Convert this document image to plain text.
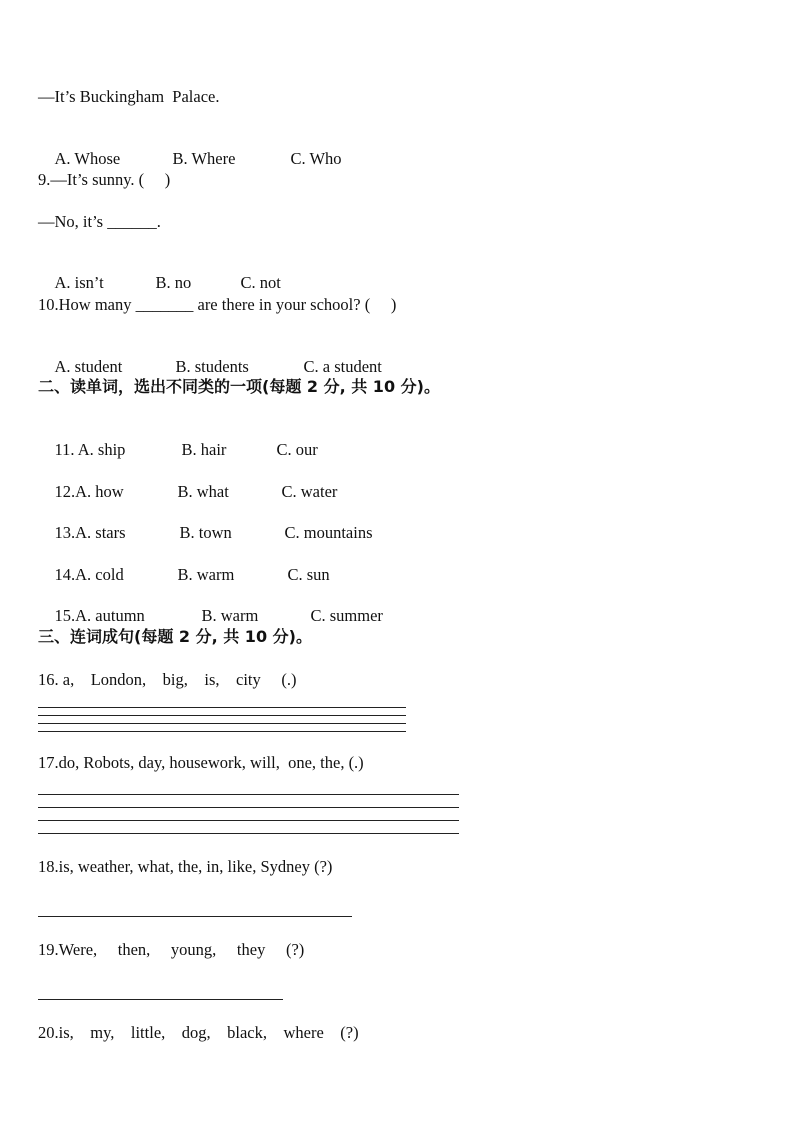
—It’s Buckingham  Palace.

A. Whose	B. Where	C. Who

9.—It’s sunny. (     )
—No, it’s ______.

A. isn’t	B. no	C. not

10.How many _______ are there in your school? (     )

A. student	B. students	C. a student

二、读单词，选出不同类的一项(每题 2 分, 共 10 分)。

11. A. ship	B. hair	C. our

12.A. how	B. what	C. water

13.A. stars	B. town	C. mountains

14.A. cold	B. warm	C. sun

15.A. autumn	B. warm	C. summer

三、连词成句(每题 2 分, 共 10 分)。
16. a,    London,    big,    is,    city     (.)
17.do, Robots, day, housework, will,  one, the, (.)
18.is, weather, what, the, in, like, Sydney (?)
19.Were,     then,     young,     they     (?)
20.is,    my,    little,    dog,    black,    where    (?)
